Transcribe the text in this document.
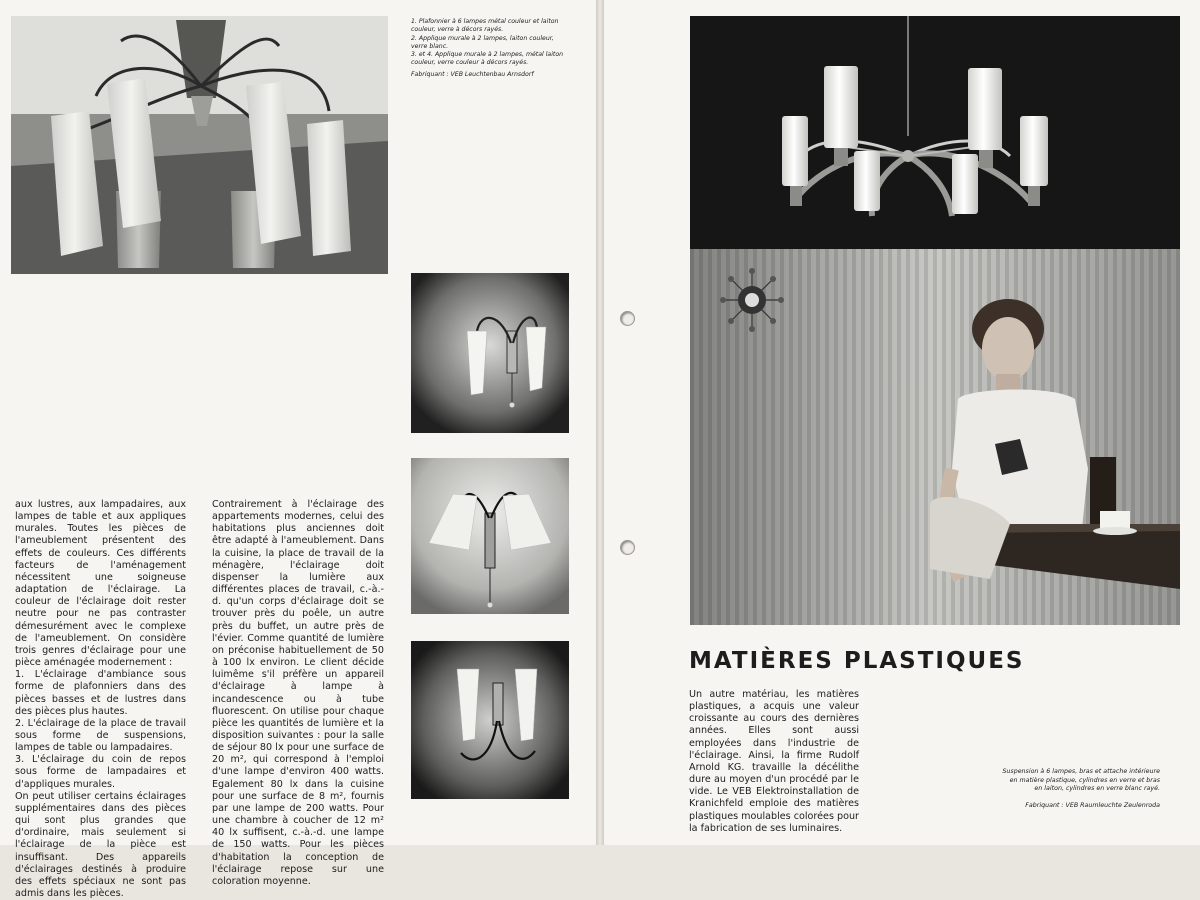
1. Plafonnier à 6 lampes métal couleur et laiton couleur, verre à décors rayés.

2. Applique murale à 2 lampes, laiton couleur, verre blanc.

3. et 4. Applique murale à 2 lampes, métal laiton couleur, verre couleur à décors rayés.

Fabriquant : VEB Leuchtenbau Arnsdorf

aux lustres, aux lampadaires, aux lampes de table et aux appliques murales. Toutes les pièces de l'ameublement présentent des effets de couleurs. Ces différents facteurs de l'aménagement nécessitent une soigneuse adaptation de l'éclairage. La couleur de l'éclairage doit rester neutre pour ne pas contraster démesurément avec le complexe de l'ameublement. On considère trois genres d'éclairage pour une pièce aménagée modernement :

1. L'éclairage d'ambiance sous forme de plafonniers dans des pièces basses et de lustres dans des pièces plus hautes.

2. L'éclairage de la place de travail sous forme de suspensions, lampes de table ou lampadaires.

3. L'éclairage du coin de repos sous forme de lampadaires et d'appliques murales.

On peut utiliser certains éclairages supplémentaires dans des pièces qui sont plus grandes que d'ordinaire, mais seulement si l'éclairage de la pièce est insuffisant. Des appareils d'éclairages destinés à produire des effets spéciaux ne sont pas admis dans les pièces.

Contrairement à l'éclairage des appartements modernes, celui des habitations plus anciennes doit être adapté à l'ameublement. Dans la cuisine, la place de travail de la ménagère, l'éclairage doit dispenser la lumière aux différentes places de travail, c.-à.-d. qu'un corps d'éclairage doit se trouver près du poêle, un autre près du buffet, un autre près de l'évier. Comme quantité de lumière on préconise habituellement de 50 à 100 lx environ. Le client décide luimême s'il préfère un appareil d'éclairage à lampe à incandescence ou à tube fluorescent. On utilise pour chaque pièce les quantités de lumière et la disposition suivantes : pour la salle de séjour 80 lx pour une surface de 20 m², qui correspond à l'emploi d'une lampe d'environ 400 watts. Egalement 80 lx dans la cuisine pour une surface de 8 m², fournis par une lampe de 200 watts. Pour une chambre à coucher de 12 m² 40 lx suffisent, c.-à.-d. une lampe de 150 watts. Pour les pièces d'habitation la conception de l'éclairage repose sur une coloration moyenne.

MATIÈRES PLASTIQUES

Un autre matériau, les matières plastiques, a acquis une valeur croissante au cours des dernières années. Elles sont aussi employées dans l'industrie de l'éclairage. Ainsi, la firme Rudolf Arnold KG. travaille la décélithe dure au moyen d'un procédé par le vide. Le VEB Elektroinstallation de Kranichfeld emploie des matières plastiques moulables colorées pour la fabrication de ses luminaires.

Suspension à 6 lampes, bras et attache intérieure en matière plastique, cylindres en verre et bras en laiton, cylindres en verre blanc rayé.

Fabriquant : VEB Raumleuchte Zeulenroda
